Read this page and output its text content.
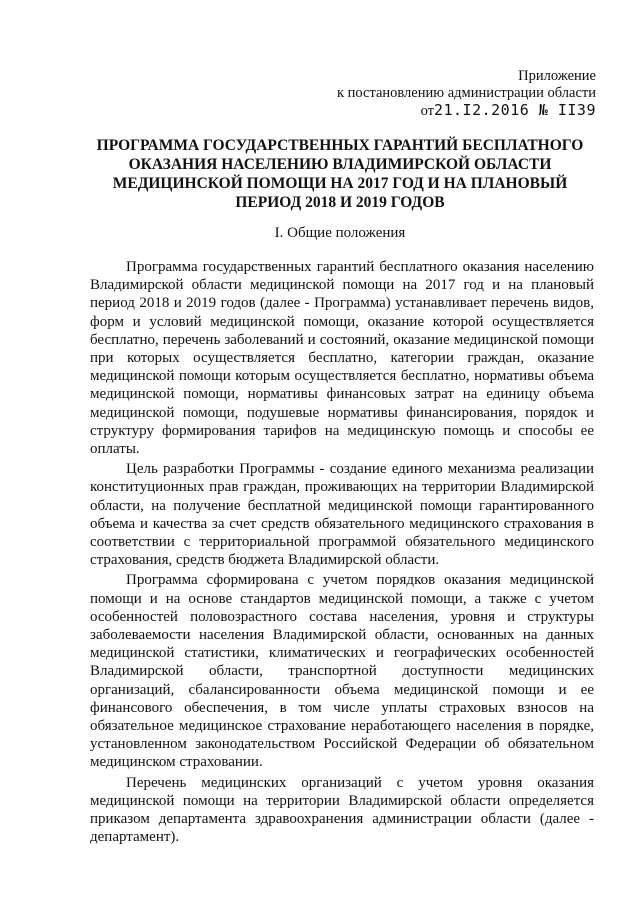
Приложение
к постановлению администрации области
от21.I2.2016 № II39
ПРОГРАММА ГОСУДАРСТВЕННЫХ ГАРАНТИЙ БЕСПЛАТНОГО
ОКАЗАНИЯ НАСЕЛЕНИЮ ВЛАДИМИРСКОЙ ОБЛАСТИ
МЕДИЦИНСКОЙ ПОМОЩИ НА 2017 ГОД И НА ПЛАНОВЫЙ
ПЕРИОД 2018 И 2019 ГОДОВ
I. Общие положения

Программа государственных гарантий бесплатного оказания населению Владимирской области медицинской помощи на 2017 год и на плановый период 2018 и 2019 годов (далее - Программа) устанавливает перечень видов, форм и условий медицинской помощи, оказание которой осуществляется бесплатно, перечень заболеваний и состояний, оказание медицинской помощи при которых осуществляется бесплатно, категории граждан, оказание медицинской помощи которым осуществляется бесплатно, нормативы объема медицинской помощи, нормативы финансовых затрат на единицу объема медицинской помощи, подушевые нормативы финансирования, порядок и структуру формирования тарифов на медицинскую помощь и способы ее оплаты.

Цель разработки Программы - создание единого механизма реализации конституционных прав граждан, проживающих на территории Владимирской области, на получение бесплатной медицинской помощи гарантированного объема и качества за счет средств обязательного медицинского страхования в соответствии с территориальной программой обязательного медицинского страхования, средств бюджета Владимирской области.

Программа сформирована с учетом порядков оказания медицинской помощи и на основе стандартов медицинской помощи, а также с учетом особенностей половозрастного состава населения, уровня и структуры заболеваемости населения Владимирской области, основанных на данных медицинской статистики, климатических и географических особенностей Владимирской области, транспортной доступности медицинских организаций, сбалансированности объема медицинской помощи и ее финансового обеспечения, в том числе уплаты страховых взносов на обязательное медицинское страхование неработающего населения в порядке, установленном законодательством Российской Федерации об обязательном медицинском страховании.

Перечень медицинских организаций с учетом уровня оказания медицинской помощи на территории Владимирской области определяется приказом департамента здравоохранения администрации области (далее - департамент).
